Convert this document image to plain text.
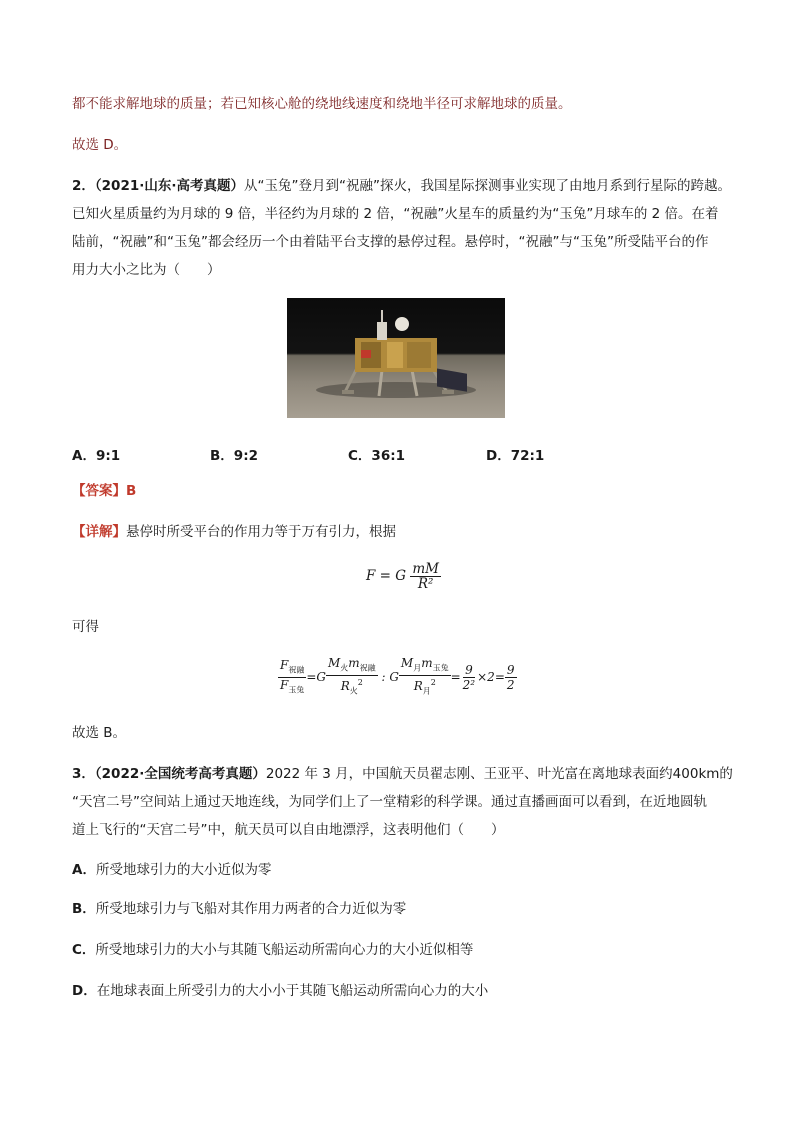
都不能求解地球的质量；若已知核心舱的绕地线速度和绕地半径可求解地球的质量。
故选 D。
2．（2021·山东·高考真题）从“玉兔”登月到“祝融”探火，我国星际探测事业实现了由地月系到行星际的跨越。
已知火星质量约为月球的 9 倍，半径约为月球的 2 倍，“祝融”火星车的质量约为“玉兔”月球车的 2 倍。在着
陆前，“祝融”和“玉兔”都会经历一个由着陆平台支撑的悬停过程。悬停时，“祝融”与“玉兔”所受陆平台的作
用力大小之比为（　　）
A．9:1	B．9:2	C．36:1	D．72:1
【答案】B
【详解】悬停时所受平台的作用力等于万有引力，根据
F = G $\frac{mM}{\text{R²}}$
可得
$\frac{F_{祝融}}{F_{玉兔}} =G \frac{M_火m_{祝融}}{R_火^2}$ : G $\frac{M_月m_{玉兔}}{R_月^2} = \frac{9}{\text{2²}} \times 2= \frac{9}{2}$
故选 B。
3．（2022·全国统考高考真题）2022 年 3 月，中国航天员翟志刚、王亚平、叶光富在离地球表面约400km的
“天宫二号”空间站上通过天地连线，为同学们上了一堂精彩的科学课。通过直播画面可以看到，在近地圆轨
道上飞行的“天宫二号”中，航天员可以自由地漂浮，这表明他们（　　）
A．所受地球引力的大小近似为零
B．所受地球引力与飞船对其作用力两者的合力近似为零
C．所受地球引力的大小与其随飞船运动所需向心力的大小近似相等
D．在地球表面上所受引力的大小小于其随飞船运动所需向心力的大小
